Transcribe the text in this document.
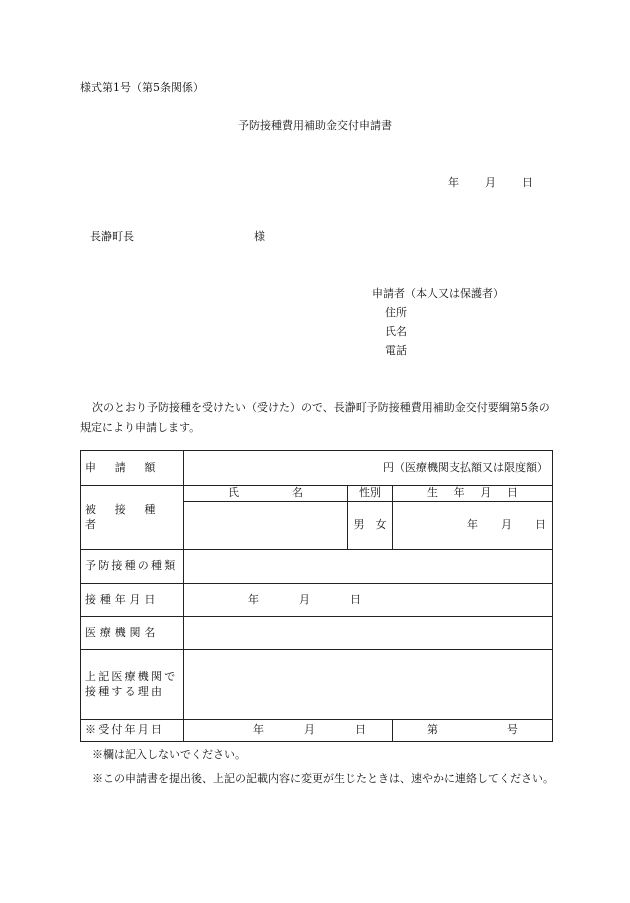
様式第1号（第5条関係）
予防接種費用補助金交付申請書
年 月 日
長瀞町長	様
申請者（本人又は保護者）
住所
氏名
電話
次のとおり予防接種を受けたい（受けた）ので、長瀞町予防接種費用補助金交付要綱第5条の規定により申請します。
申　請　額	円（医療機関支払額又は限度額）		
被　接　種　者	氏 名	性別	生 年 月 日

		男　女	年 月 日

予防接種の種類			
接種年月日	年 月 日		

医療機関名			

上記医療機関で
接種する理由			

※受付年月日	年 月 日		第 号

※欄は記入しないでください。

※この申請書を提出後、上記の記載内容に変更が生じたときは、速やかに連絡してください。
